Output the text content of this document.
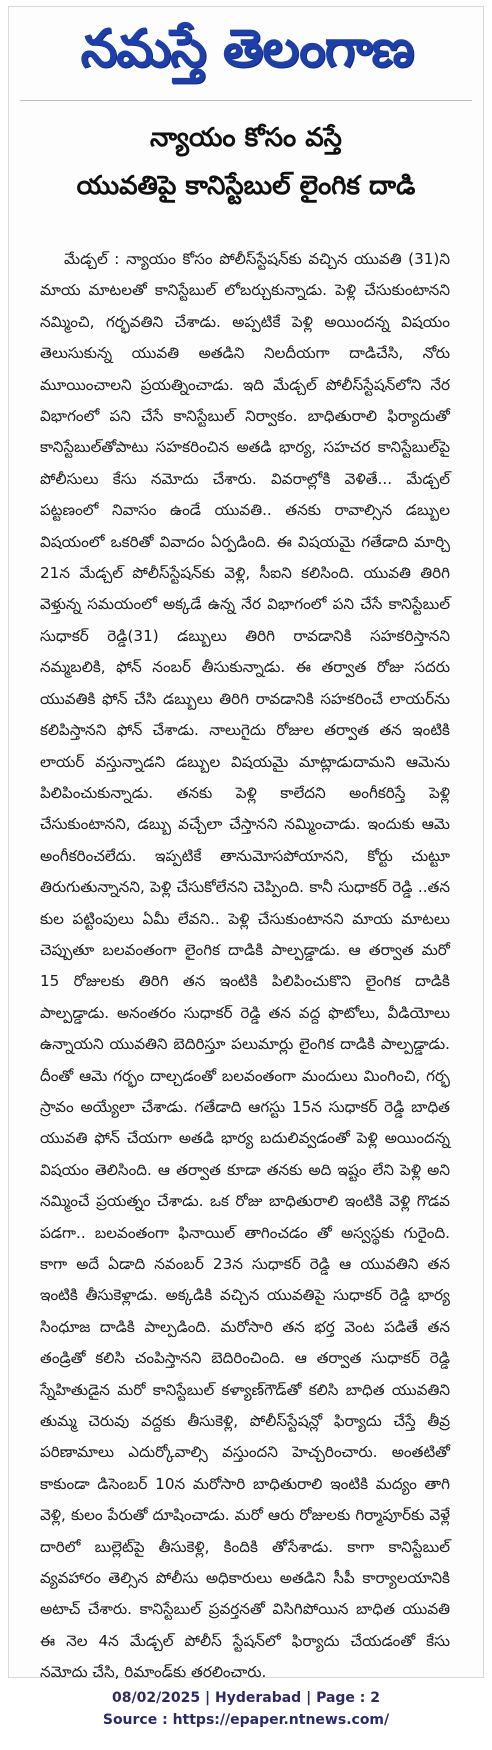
నమస్తే తెలంగాణ
న్యాయం కోసం వస్తే
యువతిపై కానిస్టేబుల్ లైంగిక దాడి

మేడ్చల్ : న్యాయం కోసం పోలీస్‌స్టేషన్‌కు వచ్చిన యువతి (31)ని మాయ మాటలతో కానిస్టేబుల్ లోబర్చుకున్నాడు. పెళ్లి చేసుకుంటానని నమ్మించి, గర్భవతిని చేశాడు. అప్పటికే పెళ్లి అయిందన్న విషయం తెలుసుకున్న యువతి అతడిని నిలదీయగా దాడిచేసి, నోరు మూయించాలని ప్రయత్నించాడు. ఇది మేడ్చల్ పోలీస్‌స్టేషన్‌లోని నేర విభాగంలో పని చేసే కానిస్టేబుల్ నిర్వాకం. బాధితురాలి ఫిర్యాదుతో కానిస్టేబుల్‌తోపాటు సహకరించిన అతడి భార్య, సహచర కానిస్టేబుల్‌పై పోలీసులు కేసు నమోదు చేశారు. వివరాల్లోకి వెళితే... మేడ్చల్ పట్టణంలో నివాసం ఉండే యువతి.. తనకు రావాల్సిన డబ్బుల విషయంలో ఒకరితో వివాదం ఏర్పడింది. ఈ విషయమై గతేడాది మార్చి 21న మేడ్చల్ పోలీస్‌స్టేషన్‌కు వెళ్లి, సీఐని కలిసింది. యువతి తిరిగి వెళ్తున్న సమయంలో అక్కడే ఉన్న నేర విభాగంలో పని చేసే కానిస్టేబుల్ సుధాకర్ రెడ్డి(31) డబ్బులు తిరిగి రావడానికి సహకరిస్తానని నమ్మబలికి, ఫోన్ నంబర్ తీసుకున్నాడు. ఈ తర్వాత రోజు సదరు యువతికి ఫోన్ చేసి డబ్బులు తిరిగి రావడానికి సహకరించే లాయర్‌ను కలిపిస్తానని ఫోన్ చేశాడు. నాలుగైదు రోజుల తర్వాత తన ఇంటికి లాయర్ వస్తున్నాడని డబ్బుల విషయమై మాట్లాడుదామని ఆమెను పిలిపించుకున్నాడు. తనకు పెళ్లి కాలేదని అంగీకరిస్తే పెళ్లి చేసుకుంటానని, డబ్బు వచ్చేలా చేస్తానని నమ్మించాడు. ఇందుకు ఆమె అంగీకరించలేదు. ఇప్పటికే తానుమోసపోయానని, కోర్టు చుట్టూ తిరుగుతున్నానని, పెళ్లి చేసుకోలేనని చెప్పింది. కానీ సుధాకర్ రెడ్డి ..తన కుల పట్టింపులు ఏమీ లేవని.. పెళ్లి చేసుకుంటానని మాయ మాటలు చెప్పుతూ బలవంతంగా లైంగిక దాడికి పాల్పడ్డాడు. ఆ తర్వాత మరో 15 రోజులకు తిరిగి తన ఇంటికి పిలిపించుకొని లైంగిక దాడికి పాల్పడ్డాడు. అనంతరం సుధాకర్ రెడ్డి తన వద్ద ఫొటోలు, వీడియోలు ఉన్నాయని యువతిని బెదిరిస్తూ పలుమార్లు లైంగిక దాడికి పాల్పడ్డాడు. దీంతో ఆమె గర్భం దాల్చడంతో బలవంతంగా మందులు మింగించి, గర్భ స్రావం అయ్యేలా చేశాడు. గతేడాది ఆగస్టు 15న సుధాకర్ రెడ్డి బాధిత యువతి ఫోన్ చేయగా అతడి భార్య బదులివ్వడంతో పెళ్లి అయిందన్న విషయం తెలిసింది. ఆ తర్వాత కూడా తనకు అది ఇష్టం లేని పెళ్లి అని నమ్మించే ప్రయత్నం చేశాడు. ఒక రోజు బాధితురాలి ఇంటికి వెళ్లి గొడవ పడగా.. బలవంతంగా ఫినాయిల్ తాగించడం తో అస్వస్థకు గురైంది. కాగా అదే ఏడాది నవంబర్ 23న సుధాకర్ రెడ్డి ఆ యువతిని తన ఇంటికి తీసుకెళ్లాడు. అక్కడికి వచ్చిన యువతిపై సుధాకర్ రెడ్డి భార్య సింధూజ దాడికి పాల్పడింది. మరోసారి తన భర్త వెంట పడితే తన తండ్రితో కలిసి చంపిస్తానని బెదిరించింది. ఆ తర్వాత సుధాకర్ రెడ్డి స్నేహితుడైన మరో కానిస్టేబుల్ కళ్యాణ్‌గౌడ్‌తో కలిసి బాధిత యువతిని తుమ్మ చెరువు వద్దకు తీసుకెళ్లి, పోలీస్‌స్టేషన్లో ఫిర్యాదు చేస్తే తీవ్ర పరిణామాలు ఎదుర్కోవాల్సి వస్తుందని హెచ్చరించారు. అంతటితో కాకుండా డిసెంబర్ 10న మరోసారి బాధితురాలి ఇంటికి మద్యం తాగి వెళ్లి, కులం పేరుతో దూషించాడు. మరో ఆరు రోజులకు గిర్మాపూర్‌కు వెళ్లే దారిలో బుల్లెట్‌పై తీసుకెళ్లి, కిందికి తోసేశాడు. కాగా కానిస్టేబుల్ వ్యవహారం తెల్సిన పోలీసు అధికారులు అతడిని సీపీ కార్యాలయానికి అటాచ్ చేశారు. కానిస్టేబుల్ ప్రవర్తనతో విసిగిపోయిన బాధిత యువతి ఈ నెల 4న మేడ్చల్ పోలీస్ స్టేషన్‌లో ఫిర్యాదు చేయడంతో కేసు నమోదు చేసి, రిమాండ్‌కు తరలించారు.

08/02/2025 | Hyderabad | Page : 2
Source : https://epaper.ntnews.com/
